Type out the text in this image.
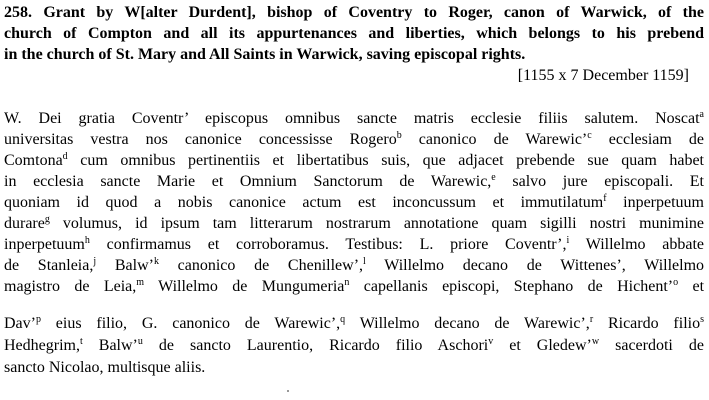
258. Grant by W[alter Durdent], bishop of Coventry to Roger, canon of Warwick, of the

church of Compton and all its appurtenances and liberties, which belongs to his prebend

in the church of St. Mary and All Saints in Warwick, saving episcopal rights.

[1155 x 7 December 1159]

W. Dei gratia Coventr’ episcopus omnibus sancte matris ecclesie filiis salutem. Noscat$^a$

universitas vestra nos canonice concessisse Rogero$^b$ canonico de Warewic’$^c$ ecclesiam de

Comtona$^d$ cum omnibus pertinentiis et libertatibus suis, que adjacet prebende sue quam habet

in ecclesia sancte Marie et Omnium Sanctorum de Warewic,$^e$ salvo jure episcopali. Et

quoniam id quod a nobis canonice actum est inconcussum et immutilatum$^f$ inperpetuum

durare$^g$ volumus, id ipsum tam litterarum nostrarum annotatione quam sigilli nostri munimine

inperpetuum$^h$ confirmamus et corroboramus. Testibus: L. priore Coventr’,$^i$ Willelmo abbate

de Stanleia,$^j$ Balw’$^k$ canonico de Chenillew’,$^l$ Willelmo decano de Wittenes’, Willelmo

magistro de Leia,$^m$ Willelmo de Mungumeria$^n$ capellanis episcopi, Stephano de Hichent’$^o$ et

Dav’$^p$ eius filio, G. canonico de Warewic’,$^q$ Willelmo decano de Warewic’,$^r$ Ricardo filio$^s$

Hedhegrim,$^t$ Balw’$^u$ de sancto Laurentio, Ricardo filio Aschori$^v$ et Gledew’$^w$ sacerdoti de

sancto Nicolao, multisque aliis.
